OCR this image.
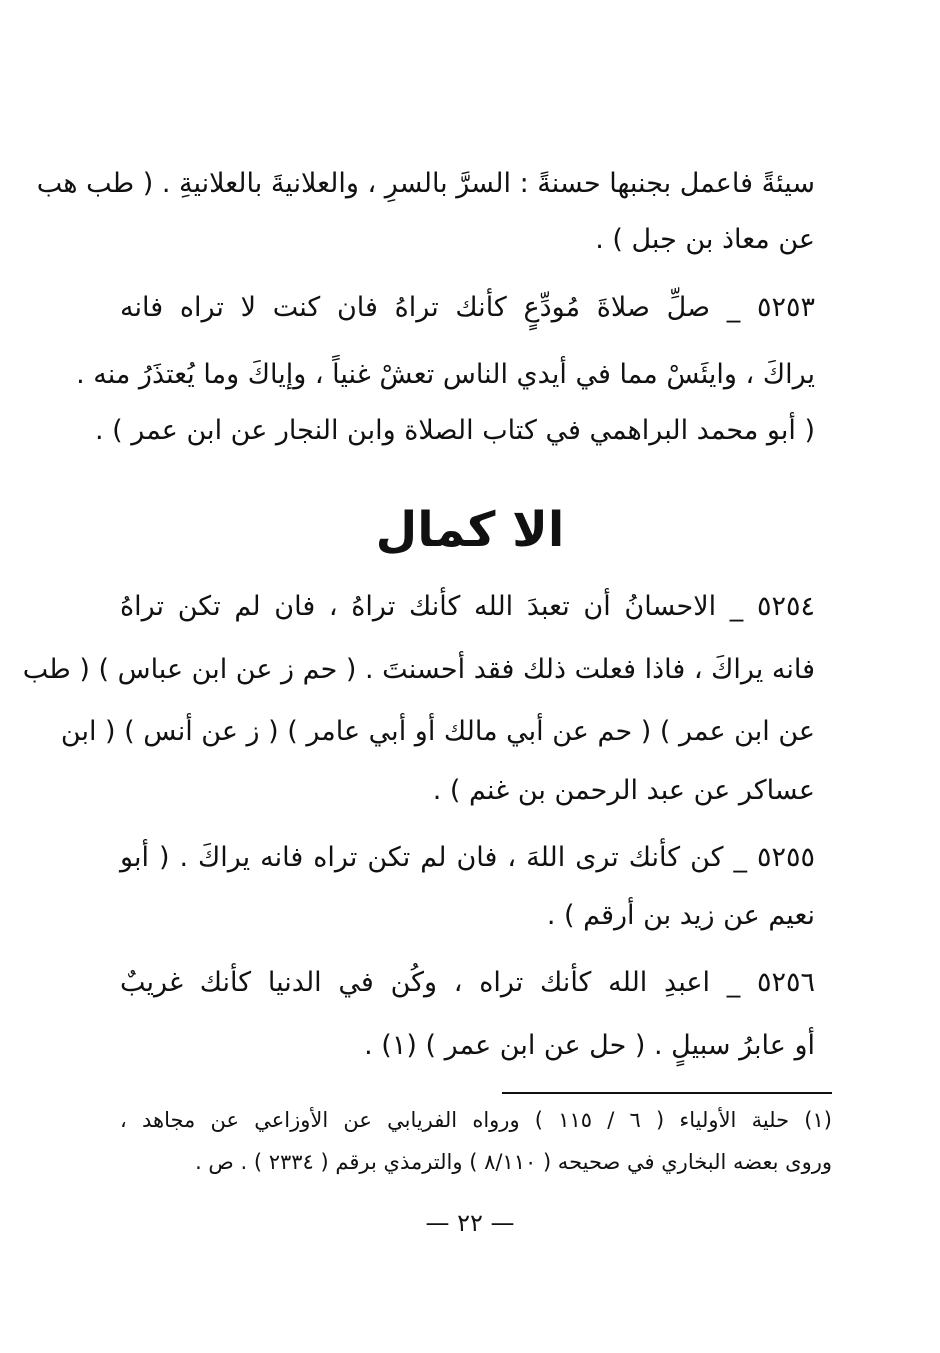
سيئةً فاعمل بجنبها حسنةً : السرَّ بالسرِ ، والعلانيةَ بالعلانيةِ . ( طب هب
عن معاذ بن جبل ) .
٥٢٥٣ _ صلِّ صلاةَ مُودِّعٍ كأنك تراهُ فان كنت لا تراه فانه
يراكَ ، وايئَسْ مما في أيدي الناس تعشْ غنياً ، وإياكَ وما يُعتذَرُ منه .
( أبو محمد البراهمي في كتاب الصلاة وابن النجار عن ابن عمر ) .
الا كمال
٥٢٥٤ _ الاحسانُ أن تعبدَ الله كأنك تراهُ ، فان لم تكن تراهُ
فانه يراكَ ، فاذا فعلت ذلك فقد أحسنتَ . ( حم ز عن ابن عباس ) ( طب
عن ابن عمر ) ( حم عن أبي مالك أو أبي عامر ) ( ز عن أنس ) ( ابن
عساكر عن عبد الرحمن بن غنم ) .
٥٢٥٥ _ كن كأنك ترى اللهَ ، فان لم تكن تراه فانه يراكَ . ( أبو
نعيم عن زيد بن أرقم ) .
٥٢٥٦ _ اعبدِ الله كأنك تراه ، وكُن في الدنيا كأنك غريبٌ
أو عابرُ سبيلٍ . ( حل عن ابن عمر ) (١) .
(١) حلية الأولياء ( ٦ / ١١٥ ) ورواه الفريابي عن الأوزاعي عن مجاهد ،
وروى بعضه البخاري في صحيحه ( ٨/١١٠ ) والترمذي برقم ( ٢٣٣٤ ) . ص .
— ٢٢ —
